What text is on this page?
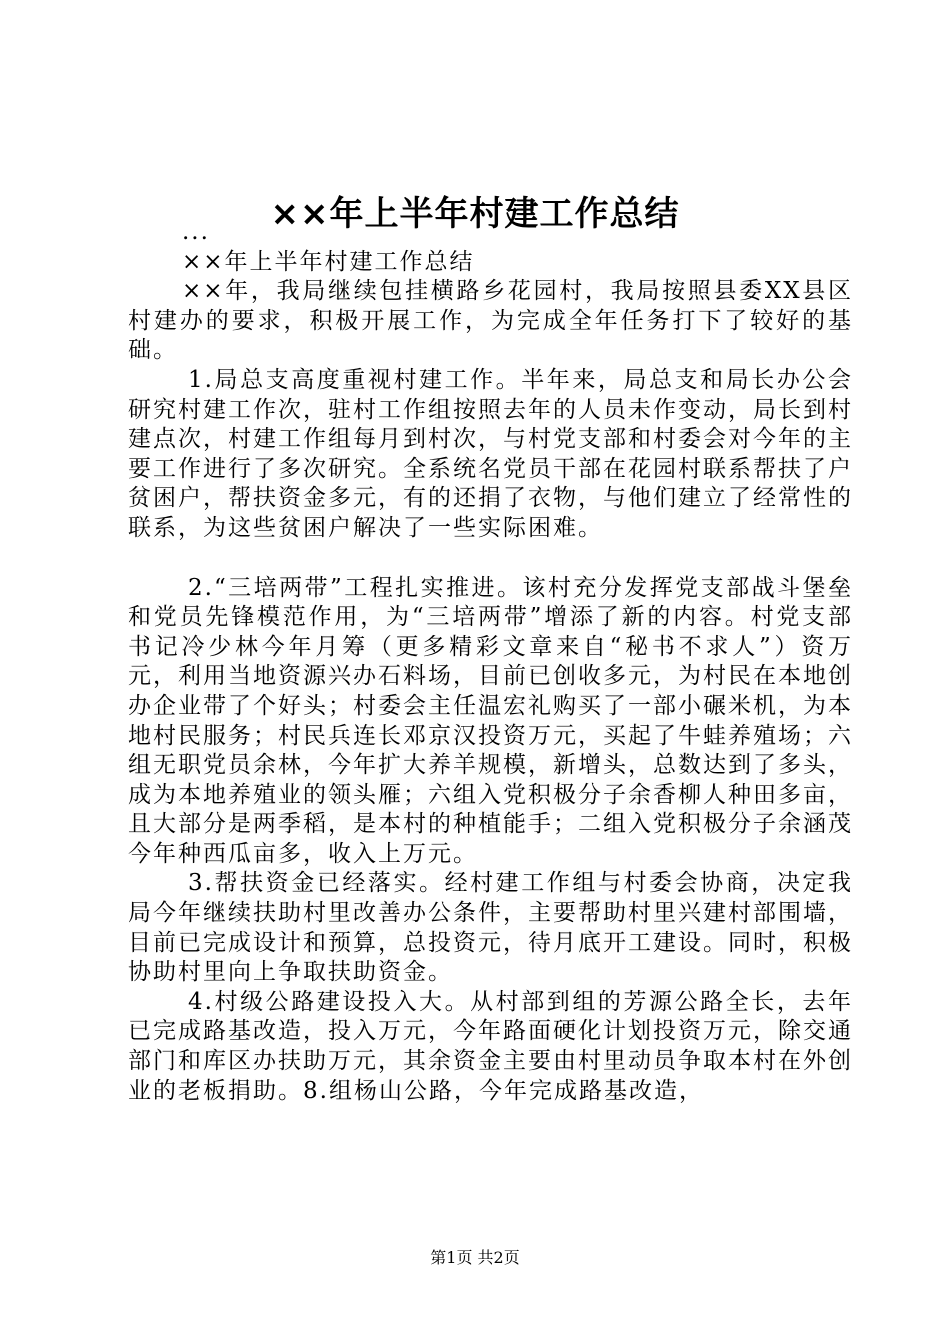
××年上半年村建工作总结

...

××年上半年村建工作总结

××年，我局继续包挂横路乡花园村，我局按照县委XX县区村建办的要求，积极开展工作，为完成全年任务打下了较好的基础。

1.局总支高度重视村建工作。半年来，局总支和局长办公会研究村建工作次，驻村工作组按照去年的人员未作变动，局长到村建点次，村建工作组每月到村次，与村党支部和村委会对今年的主要工作进行了多次研究。全系统名党员干部在花园村联系帮扶了户贫困户，帮扶资金多元，有的还捐了衣物，与他们建立了经常性的联系，为这些贫困户解决了一些实际困难。

2.“三培两带”工程扎实推进。该村充分发挥党支部战斗堡垒和党员先锋模范作用，为“三培两带”增添了新的内容。村党支部书记冷少林今年月筹（更多精彩文章来自“秘书不求人”）资万元，利用当地资源兴办石料场，目前已创收多元，为村民在本地创办企业带了个好头；村委会主任温宏礼购买了一部小碾米机，为本地村民服务；村民兵连长邓京汉投资万元，买起了牛蛙养殖场；六组无职党员余林，今年扩大养羊规模，新增头，总数达到了多头，成为本地养殖业的领头雁；六组入党积极分子余香柳人种田多亩，且大部分是两季稻，是本村的种植能手；二组入党积极分子余涵茂今年种西瓜亩多，收入上万元。

3.帮扶资金已经落实。经村建工作组与村委会协商，决定我局今年继续扶助村里改善办公条件，主要帮助村里兴建村部围墙，目前已完成设计和预算，总投资元，待月底开工建设。同时，积极协助村里向上争取扶助资金。

4.村级公路建设投入大。从村部到组的芳源公路全长，去年已完成路基改造，投入万元，今年路面硬化计划投资万元，除交通部门和库区办扶助万元，其余资金主要由村里动员争取本村在外创业的老板捐助。8.组杨山公路，今年完成路基改造，

第1页 共2页
